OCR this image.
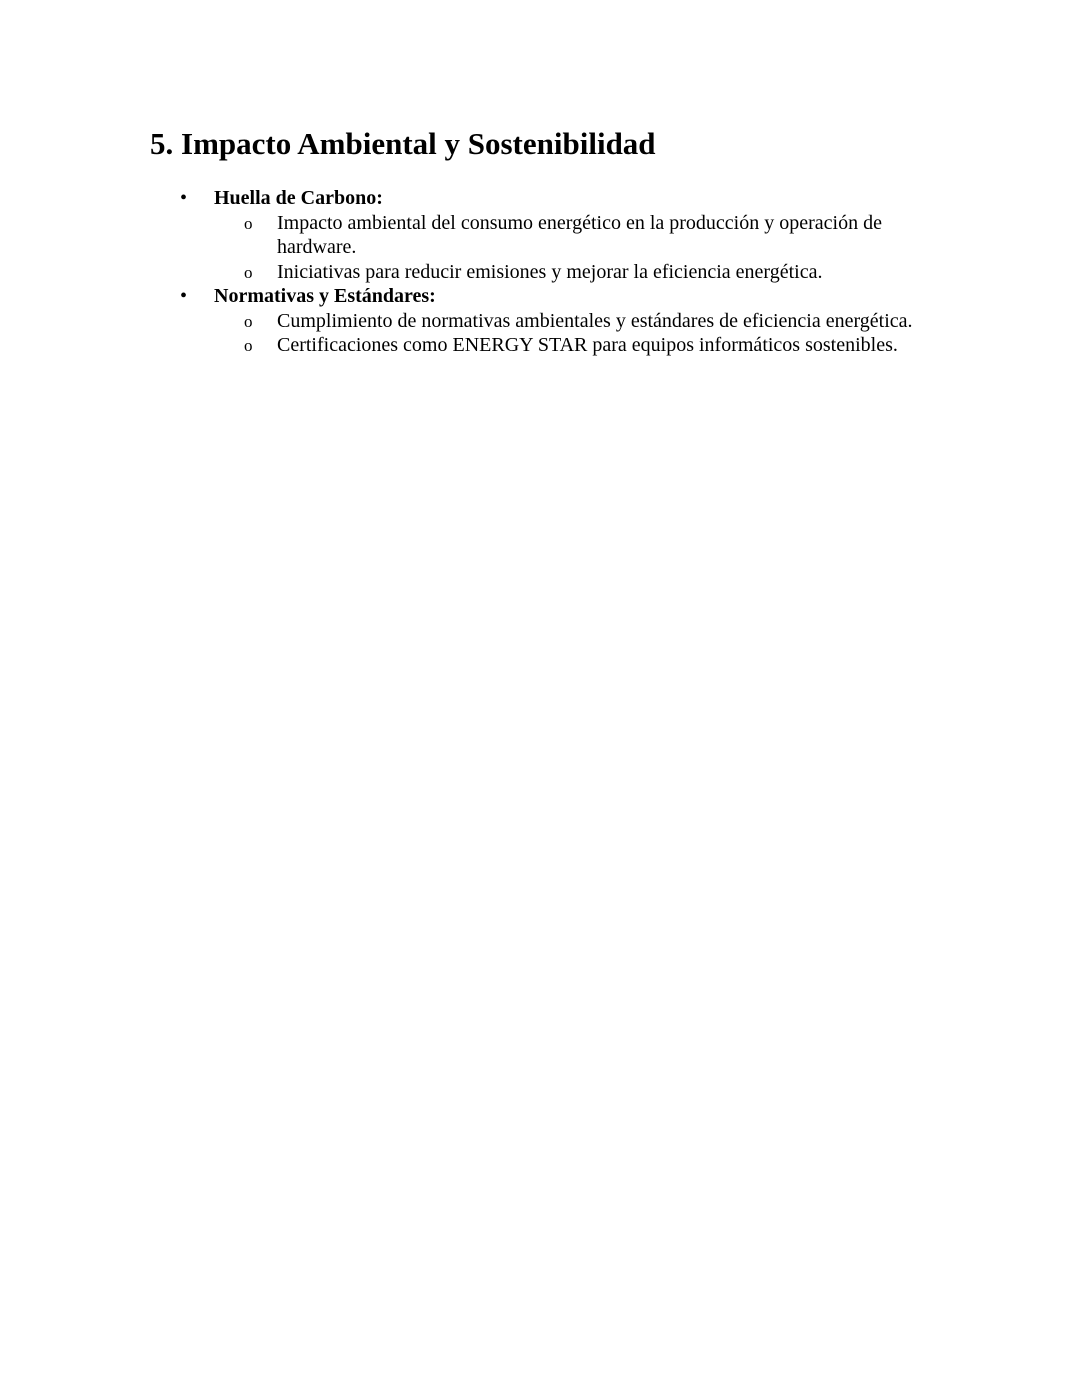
5. Impacto Ambiental y Sostenibilidad
• Huella de Carbono:
o Impacto ambiental del consumo energético en la producción y operación de hardware.
o Iniciativas para reducir emisiones y mejorar la eficiencia energética.
• Normativas y Estándares:
o Cumplimiento de normativas ambientales y estándares de eficiencia energética.
o Certificaciones como ENERGY STAR para equipos informáticos sostenibles.
